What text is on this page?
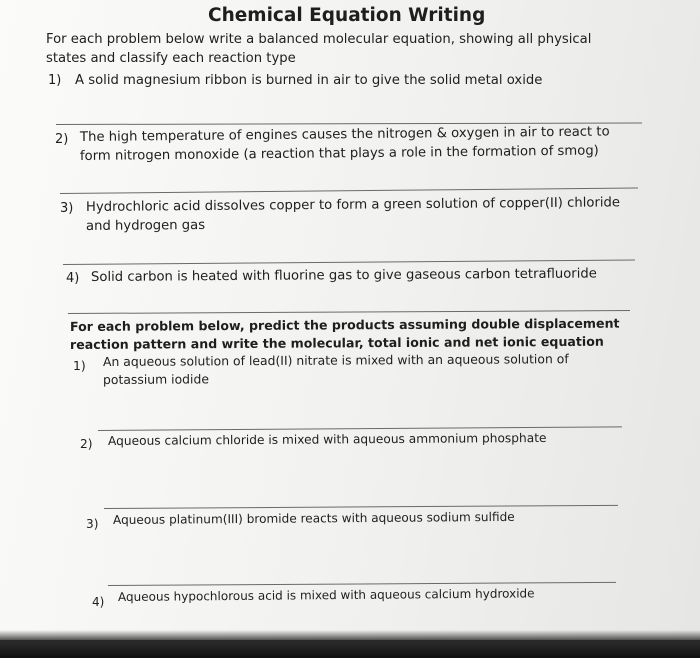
Chemical Equation Writing
For each problem below write a balanced molecular equation, showing all physical
states and classify each reaction type
1) A solid magnesium ribbon is burned in air to give the solid metal oxide
2) The high temperature of engines causes the nitrogen & oxygen in air to react to
form nitrogen monoxide (a reaction that plays a role in the formation of smog)
3) Hydrochloric acid dissolves copper to form a green solution of copper(II) chloride
and hydrogen gas
4) Solid carbon is heated with fluorine gas to give gaseous carbon tetrafluoride
For each problem below, predict the products assuming double displacement
reaction pattern and write the molecular, total ionic and net ionic equation
1) An aqueous solution of lead(II) nitrate is mixed with an aqueous solution of
potassium iodide
2) Aqueous calcium chloride is mixed with aqueous ammonium phosphate
3) Aqueous platinum(III) bromide reacts with aqueous sodium sulfide
4) Aqueous hypochlorous acid is mixed with aqueous calcium hydroxide
